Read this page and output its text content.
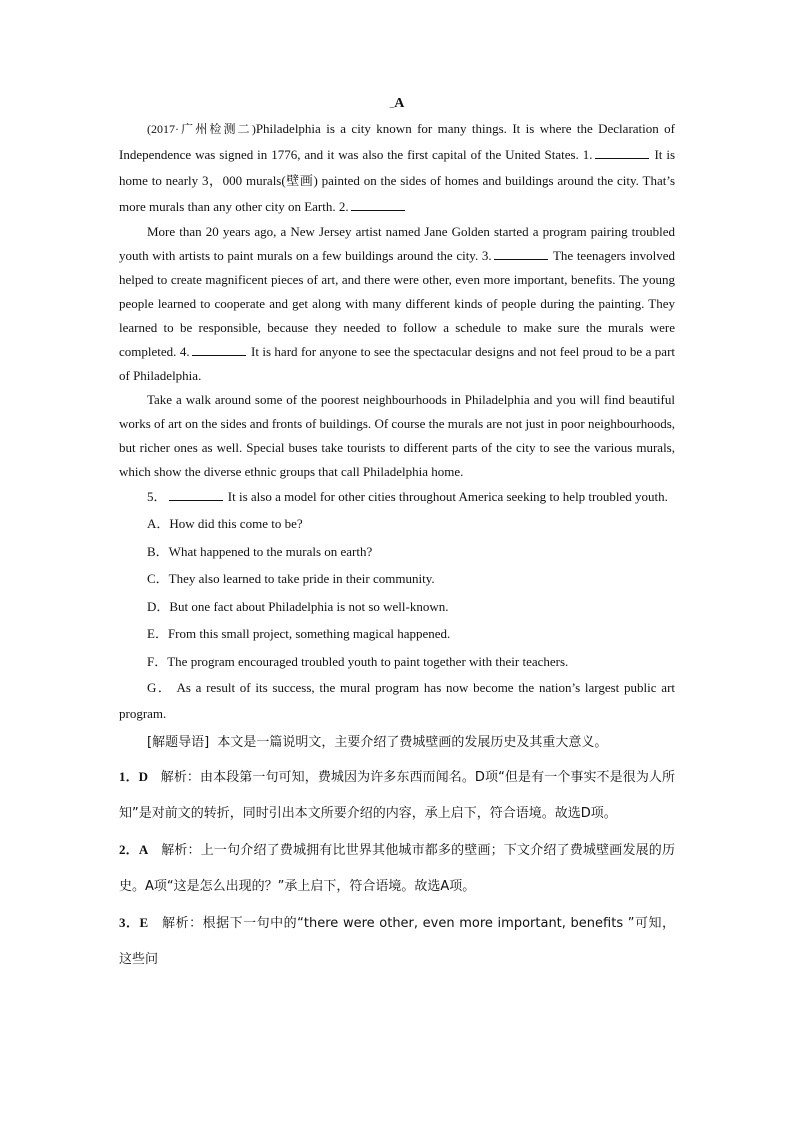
_A

(2017·广州检测二)Philadelphia is a city known for many things. It is where the Declaration of Independence was signed in 1776, and it was also the first capital of the United States. 1.	It is home to nearly 3，000 murals(壁画) painted on the sides of homes and buildings around the city. That’s more murals than any other city on Earth. 2.

More than 20 years ago, a New Jersey artist named Jane Golden started a program pairing troubled youth with artists to paint murals on a few buildings around the city. 3.	The teenagers involved helped to create magnificent pieces of art, and there were other, even more important, benefits. The young people learned to cooperate and get along with many different kinds of people during the painting. They learned to be responsible, because they needed to follow a schedule to make sure the murals were completed. 4.	It is hard for anyone to see the spectacular designs and not feel proud to be a part of Philadelphia.

Take a walk around some of the poorest neighbourhoods in Philadelphia and you will find beautiful works of art on the sides and fronts of buildings. Of course the murals are not just in poor neighbourhoods, but richer ones as well. Special buses take tourists to different parts of the city to see the various murals, which show the diverse ethnic groups that call Philadelphia home.

5．	It is also a model for other cities throughout America seeking to help troubled youth.

A．How did this come to be?

B．What happened to the murals on earth?

C．They also learned to take pride in their community.

D．But one fact about Philadelphia is not so well-known.

E．From this small project, something magical happened.

F．The program encouraged troubled youth to paint together with their teachers.

G． As a result of its success, the mural program has now become the nation’s largest public art program.

[解题导语] 本文是一篇说明文，主要介绍了费城壁画的发展历史及其重大意义。

1．D 解析：由本段第一句可知，费城因为许多东西而闻名。D项“但是有一个事实不是很为人所知”是对前文的转折，同时引出本文所要介绍的内容，承上启下，符合语境。故选D项。

2．A 解析：上一句介绍了费城拥有比世界其他城市都多的壁画；下文介绍了费城壁画发展的历史。A项“这是怎么出现的？”承上启下，符合语境。故选A项。

3．E 解析：根据下一句中的“there were other, even more important, benefits ”可知，这些问
